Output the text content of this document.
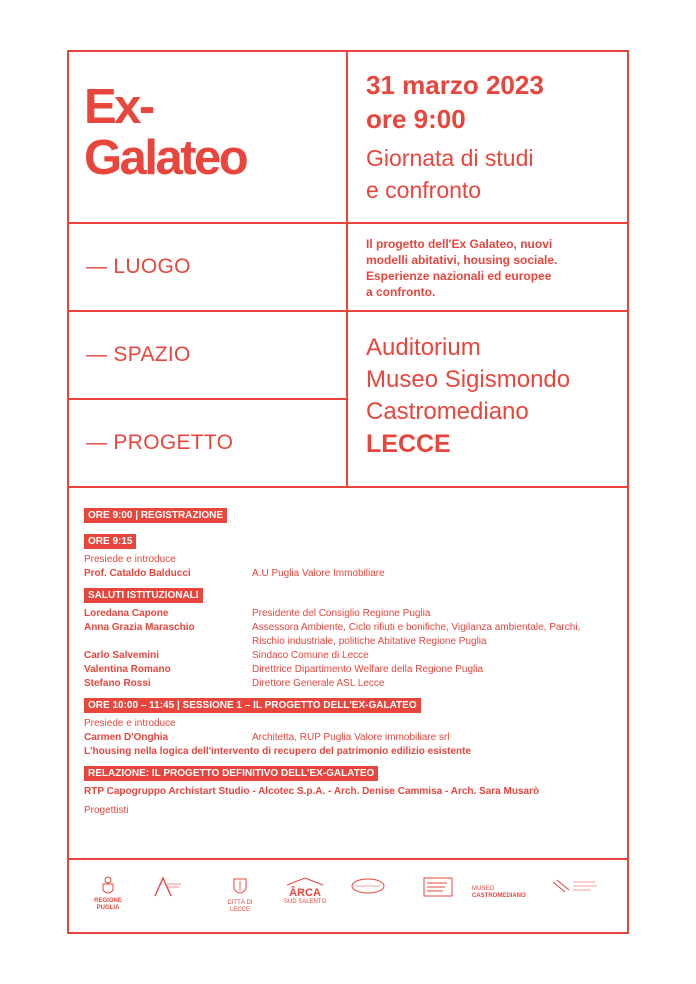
Ex-
Galateo
31 marzo 2023
ore 9:00
Giornata di studi
e confronto
— LUOGO
— SPAZIO
— PROGETTO
Il progetto dell'Ex Galateo, nuovi
modelli abitativi, housing sociale.
Esperienze nazionali ed europee
a confronto.
Auditorium
Museo Sigismondo
Castromediano
LECCE
ORE 9:00 | REGISTRAZIONE
ORE 9:15
Presiede e introduce
Prof. Cataldo Balducci	A.U Puglia Valore Immobiliare
SALUTI ISTITUZIONALI
Loredana Capone	Presidente del Consiglio Regione Puglia
Anna Grazia Maraschio	Assessora Ambiente, Ciclo rifiuti e bonifiche, Vigilanza ambientale, Parchi, Rischio industriale, politiche Abitative Regione Puglia
Carlo Salvemini	Sindaco Comune di Lecce
Valentina Romano	Direttrice Dipartimento Welfare della Regione Puglia
Stefano Rossi	Direttore Generale ASL Lecce
ORE 10:00 – 11:45 | SESSIONE 1 – IL PROGETTO DELL'EX-GALATEO
Presiede e introduce
Carmen D'Onghia	Architetta, RUP Puglia Valore immobiliare srl
L'housing nella logica dell'intervento di recupero del patrimonio edilizio esistente
RELAZIONE: IL PROGETTO DEFINITIVO DELL'EX-GALATEO
RTP Capogruppo Archistart Studio - Alcotec S.p.A. - Arch. Denise Cammisa - Arch. Sara Musarò
Progettisti
REGIONE PUGLIA
CITTÀ DI LECCE
ÂRCA
SUD SALENTO
MUSEO
CASTROMEDIANO
